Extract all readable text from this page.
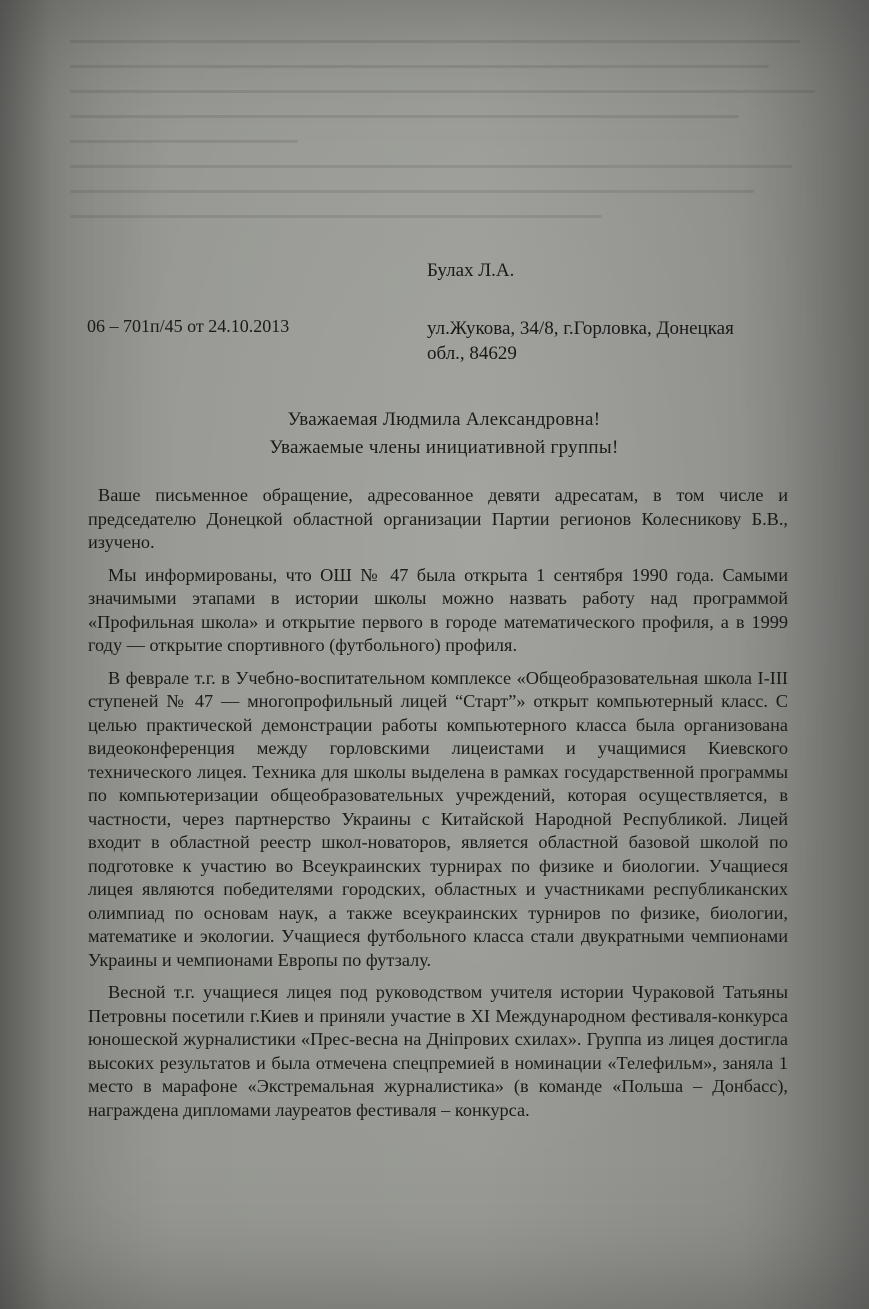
Булах Л.А.
06 – 701п/45 от 24.10.2013	ул.Жукова, 34/8, г.Горловка, Донецкая
обл., 84629
Уважаемая Людмила Александровна!
Уважаемые члены инициативной группы!

Ваше письменное обращение, адресованное девяти адресатам, в том числе и председателю Донецкой областной организации Партии регионов Колесникову Б.В., изучено.

Мы информированы, что ОШ № 47 была открыта 1 сентября 1990 года. Самыми значимыми этапами в истории школы можно назвать работу над программой «Профильная школа» и открытие первого в городе математического профиля, а в 1999 году — открытие спортивного (футбольного) профиля.

В феврале т.г. в Учебно-воспитательном комплексе «Общеобразовательная школа І-ІІІ ступеней № 47 — многопрофильный лицей “Старт”» открыт компьютерный класс. С целью практической демонстрации работы компьютерного класса была организована видеоконференция между горловскими лицеистами и учащимися Киевского технического лицея. Техника для школы выделена в рамках государственной программы по компьютеризации общеобразовательных учреждений, которая осуществляется, в частности, через партнерство Украины с Китайской Народной Республикой. Лицей входит в областной реестр школ-новаторов, является областной базовой школой по подготовке к участию во Всеукраинских турнирах по физике и биологии. Учащиеся лицея являются победителями городских, областных и участниками республиканских олимпиад по основам наук, а также всеукраинских турниров по физике, биологии, математике и экологии. Учащиеся футбольного класса стали двукратными чемпионами Украины и чемпионами Европы по футзалу.

Весной т.г. учащиеся лицея под руководством учителя истории Чураковой Татьяны Петровны посетили г.Киев и приняли участие в XI Международном фестиваля-конкурса юношеской журналистики «Прес-весна на Дніпрових схилах». Группа из лицея достигла высоких результатов и была отмечена спецпремией в номинации «Телефильм», заняла 1 место в марафоне «Экстремальная журналистика» (в команде «Польша – Донбасс), награждена дипломами лауреатов фестиваля – конкурса.
